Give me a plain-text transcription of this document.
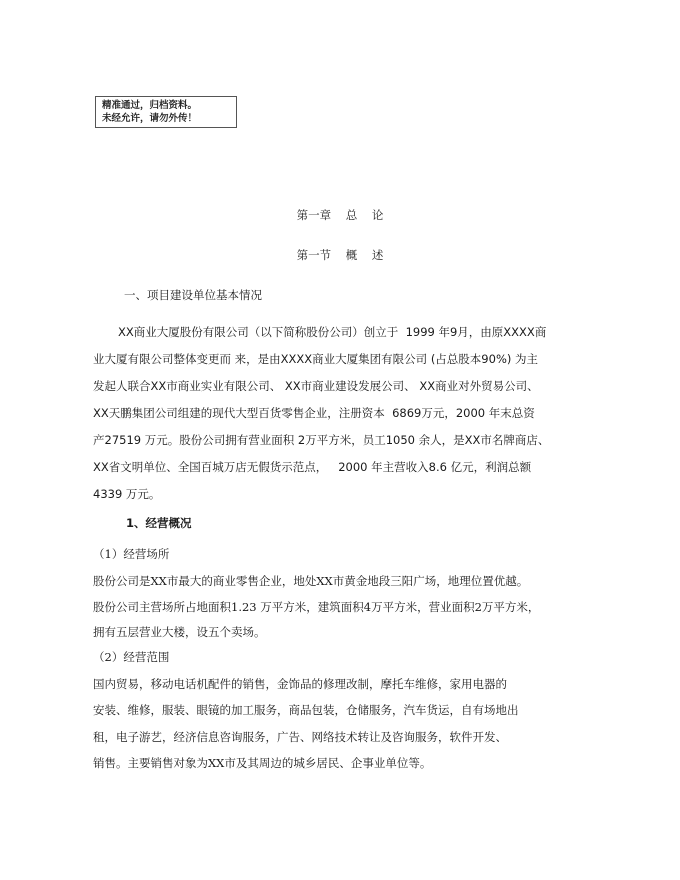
精准通过，归档资料。
未经允许，请勿外传！
第一章    总    论
第一节    概    述
一、项目建设单位基本情况
XX商业大厦股份有限公司（以下简称股份公司）创立于  1999 年9月，由原XXXX商
业大厦有限公司整体变更而 来，是由XXXX商业大厦集团有限公司 (占总股本90%) 为主
发起人联合XX市商业实业有限公司、 XX市商业建设发展公司、 XX商业对外贸易公司、
XX天鹏集团公司组建的现代大型百货零售企业，注册资本  6869万元，2000 年末总资
产27519 万元。股份公司拥有营业面积 2万平方米，员工1050 余人，是XX市名牌商店、
XX省文明单位、全国百城万店无假货示范点，   2000 年主营收入8.6 亿元，利润总额
4339 万元。
1、经营概况
（1）经营场所
股份公司是XX市最大的商业零售企业，地处XX市黄金地段三阳广场，地理位置优越。
股份公司主营场所占地面积1.23 万平方米，建筑面积4万平方米，营业面积2万平方米，
拥有五层营业大楼，设五个卖场。
（2）经营范围
国内贸易，移动电话机配件的销售，金饰品的修理改制，摩托车维修，家用电器的
安装、维修，服装、眼镜的加工服务，商品包装，仓储服务，汽车货运，自有场地出
租，电子游艺，经济信息咨询服务，广告、网络技术转让及咨询服务，软件开发、
销售。主要销售对象为XX市及其周边的城乡居民、企事业单位等。
